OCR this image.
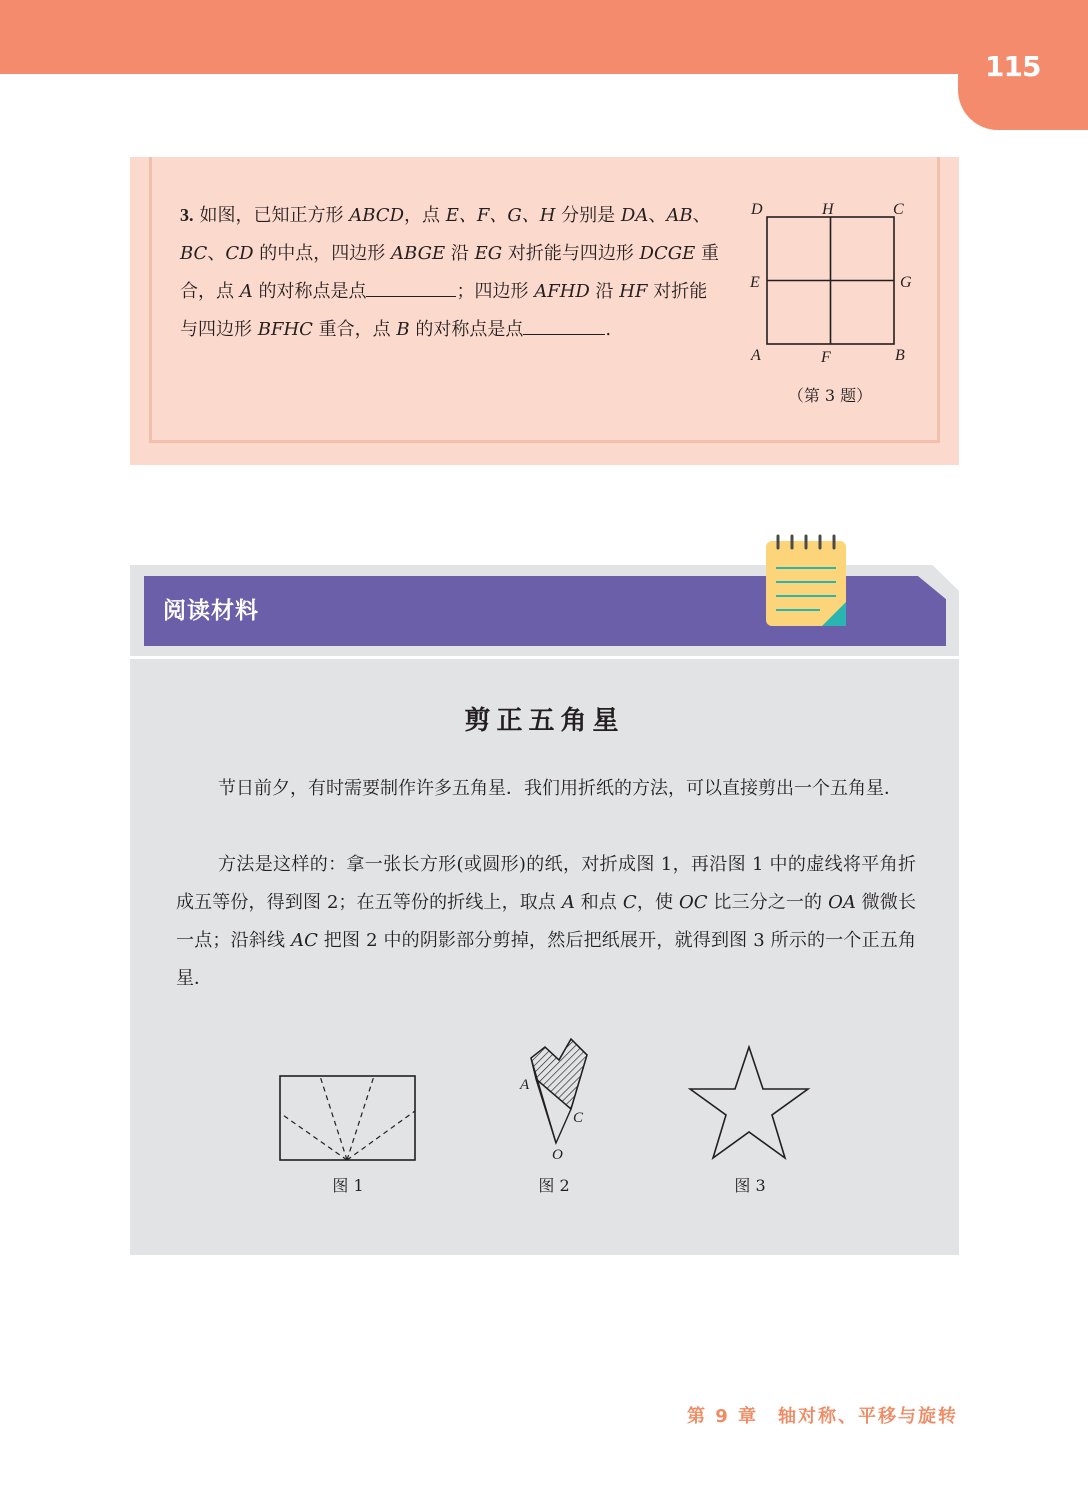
115
3. 如图，已知正方形 ABCD，点 E、F、G、H 分别是 DA、AB、BC、CD 的中点，四边形 ABGE 沿 EG 对折能与四边形 DCGE 重合，点 A 的对称点是点	；四边形 AFHD 沿 HF 对折能与四边形 BFHC 重合，点 B 的对称点是点	.
D	H	C
E	G
A	F	B
（第 3 题）
阅读材料
剪正五角星
节日前夕，有时需要制作许多五角星．我们用折纸的方法，可以直接剪出一个五角星．
方法是这样的：拿一张长方形(或圆形)的纸，对折成图 1，再沿图 1 中的虚线将平角折成五等份，得到图 2；在五等份的折线上，取点 A 和点 C，使 OC 比三分之一的 OA 微微长一点；沿斜线 AC 把图 2 中的阴影部分剪掉，然后把纸展开，就得到图 3 所示的一个正五角星．
图 1
A
C
O
图 2	图 3
第 9 章　轴对称、平移与旋转
